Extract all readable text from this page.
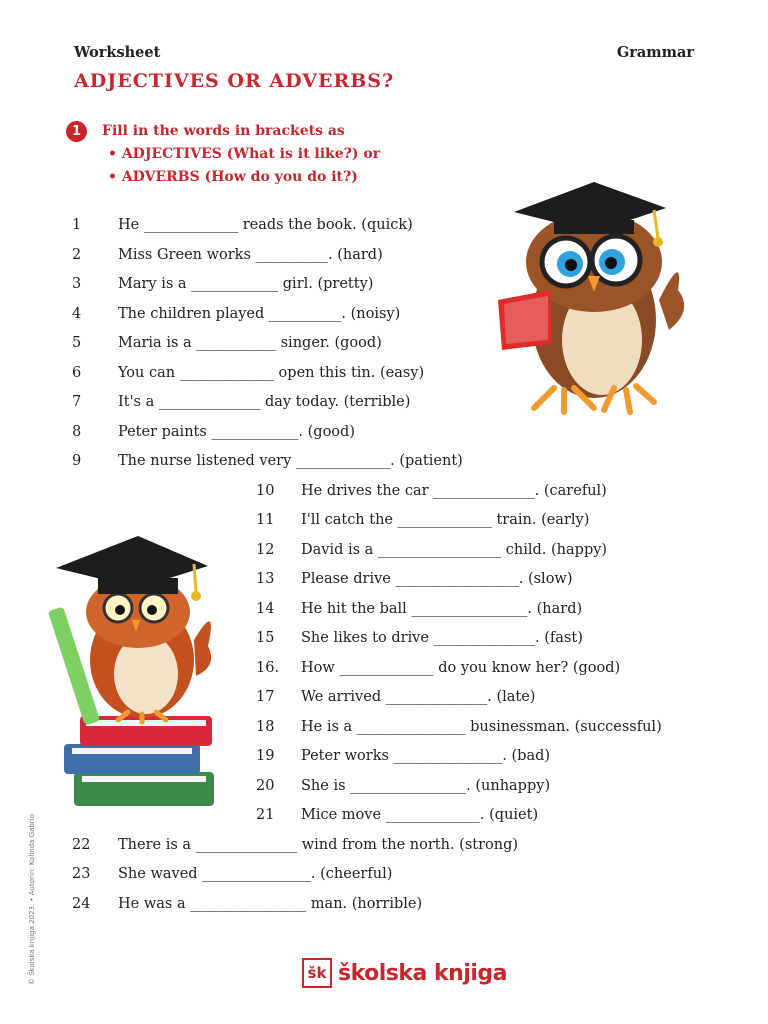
Worksheet	Grammar
ADJECTIVES OR ADVERBS?
1	Fill in the words in brackets as
• ADJECTIVES (What is it like?) or
• ADVERBS (How do you do it?)
1	He _____________ reads the book. (quick)
2	Miss Green works __________. (hard)
3	Mary is a ____________ girl. (pretty)
4	The children played __________. (noisy)
5	Maria is a ___________ singer. (good)
6	You can _____________ open this tin. (easy)
7	It's a ______________ day today. (terrible)
8	Peter paints ____________. (good)
9	The nurse listened very _____________. (patient)
10 He drives the car ______________. (careful)
11 I'll catch the _____________ train. (early)
12 David is a _________________ child. (happy)
13 Please drive _________________. (slow)
14 He hit the ball ________________. (hard)
15 She likes to drive ______________. (fast)
16. How _____________ do you know her? (good)
17 We arrived ______________. (late)
18 He is a _______________ businessman. (successful)
19 Peter works _______________. (bad)
20 She is ________________. (unhappy)
21 Mice move _____________. (quiet)
22 There is a ______________ wind from the north. (strong)
23 She waved _______________. (cheerful)
24 He was a ________________ man. (horrible)
šk školska knjiga
© Školska knjiga 2023. • Autorin: Kolinda Gabrio
